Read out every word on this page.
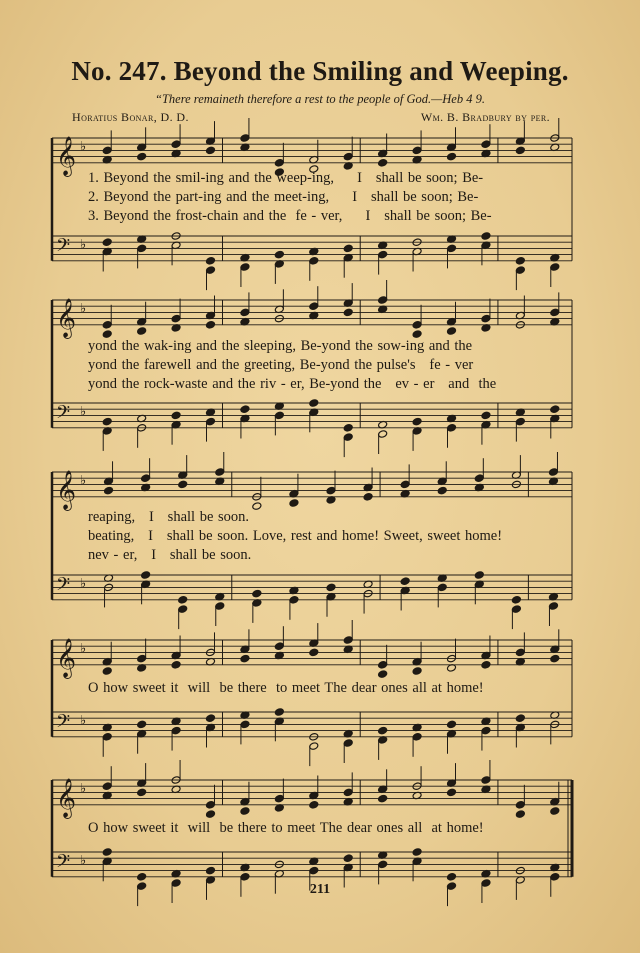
No. 247. Beyond the Smiling and Weeping.
“There remaineth therefore a rest to the people of God.—Heb 4 9.
Horatius Bonar, D. D.	Wm. B. Bradbury by per.
𝄞 ♭
𝄢 ♭
𝄞 ♭
𝄢 ♭
𝄞 ♭
𝄢 ♭
𝄞 ♭
𝄢 ♭
𝄞 ♭
𝄢 ♭
1. Beyond the smil-ing and the weep-ing,     I   shall be soon; Be-
2. Beyond the part-ing and the meet-ing,     I   shall be soon; Be-
3. Beyond the frost-chain and the  fe - ver,     I   shall be soon; Be-
yond the wak-ing and the sleeping, Be-yond the sow-ing and the
yond the farewell and the greeting, Be-yond the pulse's   fe - ver
yond the rock-waste and the riv - er, Be-yond the   ev - er   and  the
reaping,   I   shall be soon.
beating,   I   shall be soon. Love, rest and home! Sweet, sweet home!
nev - er,   I   shall be soon.
O how sweet it  will  be there  to meet The dear ones all at home!
O how sweet it  will  be there to meet The dear ones all  at home!
211
